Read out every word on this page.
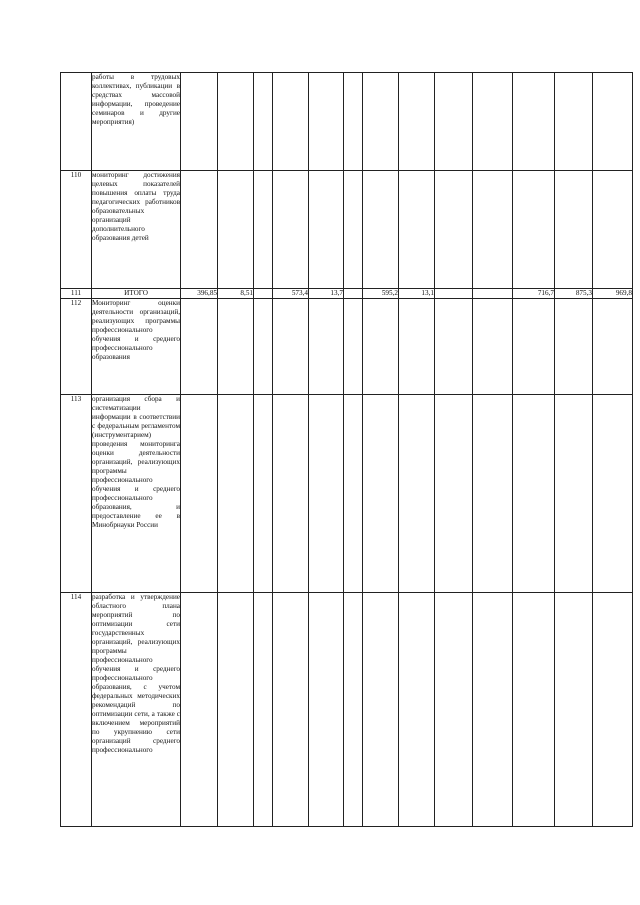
	работы в трудовых коллективах, публикации в средствах массовой информации, проведение семинаров и другие мероприятия)														
110	мониторинг достижения целевых показателей повышения оплаты труда педагогических работников образовательных организаций дополнительного образования детей														
111	ИТОГО	396,85	8,51		573,4	13,7		595,2	13,1			716,7	875,3	969,8	
112	Мониторинг оценки деятельности организаций, реализующих программы профессионального обучения и среднего профессионального образования														
113	организация сбора и систематизации информации в соответствии с федеральным регламентом (инструментарием) проведения мониторинга оценки деятельности организаций, реализующих программы профессионального обучения и среднего профессионального образования, и предоставление ее в Минобрнауки России														
114	разработка и утверждение областного плана мероприятий по оптимизации сети государственных организаций, реализующих программы профессионального обучения и среднего профессионального образования, с учетом федеральных методических рекомендаций по оптимизации сети, а также с включением мероприятий по укрупнению сети организаций среднего профессионального														
